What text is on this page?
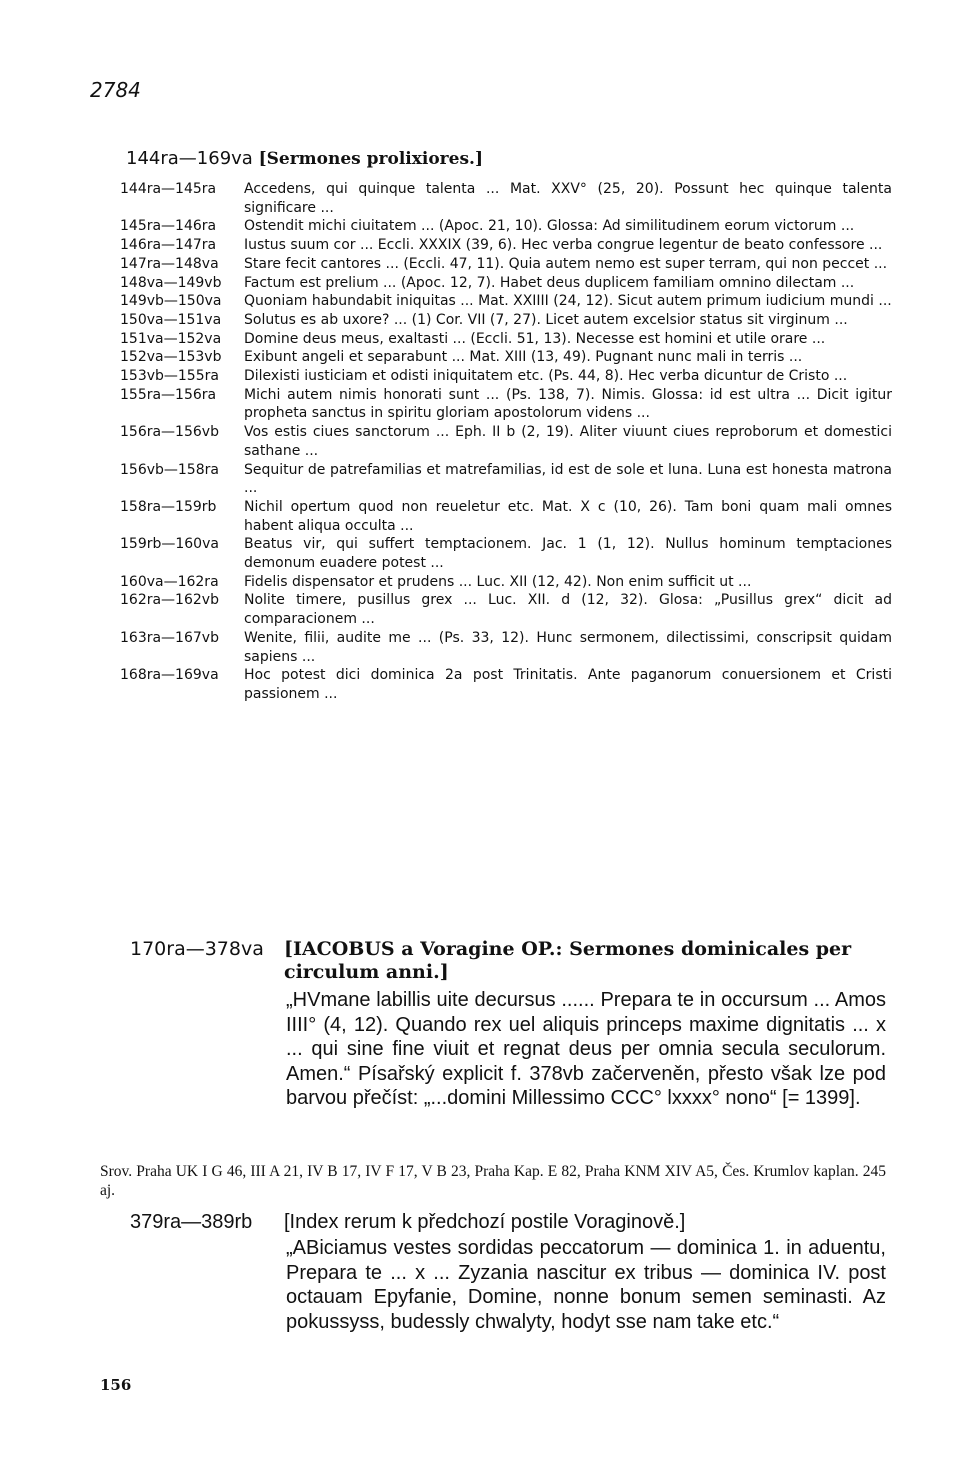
2784
144ra—169va [Sermones prolixiores.]
144ra—145ra	Accedens, qui quinque talenta ... Mat. XXV° (25, 20). Possunt hec quinque talenta significare ...
145ra—146ra	Ostendit michi ciuitatem ... (Apoc. 21, 10). Glossa: Ad similitudinem eorum victorum ...
146ra—147ra	Iustus suum cor ... Eccli. XXXIX (39, 6). Hec verba congrue legentur de beato confessore ...
147ra—148va	Stare fecit cantores ... (Eccli. 47, 11). Quia autem nemo est super terram, qui non peccet ...
148va—149vb	Factum est prelium ... (Apoc. 12, 7). Habet deus duplicem familiam omnino dilectam ...
149vb—150va	Quoniam habundabit iniquitas ... Mat. XXIIII (24, 12). Sicut autem primum iudicium mundi ...
150va—151va	Solutus es ab uxore? ... (1) Cor. VII (7, 27). Licet autem excelsior status sit virginum ...
151va—152va	Domine deus meus, exaltasti ... (Eccli. 51, 13). Necesse est homini et utile orare ...
152va—153vb	Exibunt angeli et separabunt ... Mat. XIII (13, 49). Pugnant nunc mali in terris ...
153vb—155ra	Dilexisti iusticiam et odisti iniquitatem etc. (Ps. 44, 8). Hec verba dicuntur de Cristo ...
155ra—156ra	Michi autem nimis honorati sunt ... (Ps. 138, 7). Nimis. Glossa: id est ultra ... Dicit igitur propheta sanctus in spiritu gloriam apostolorum videns ...
156ra—156vb	Vos estis ciues sanctorum ... Eph. II b (2, 19). Aliter viuunt ciues reproborum et domestici sathane ...
156vb—158ra	Sequitur de patrefamilias et matrefamilias, id est de sole et luna. Luna est honesta matrona ...
158ra—159rb	Nichil opertum quod non reueletur etc. Mat. X c (10, 26). Tam boni quam mali omnes habent aliqua occulta ...
159rb—160va	Beatus vir, qui suffert temptacionem. Jac. 1 (1, 12). Nullus hominum temptaciones demonum euadere potest ...
160va—162ra	Fidelis dispensator et prudens ... Luc. XII (12, 42). Non enim sufficit ut ...
162ra—162vb	Nolite timere, pusillus grex ... Luc. XII. d (12, 32). Glosa: „Pusillus grex“ dicit ad comparacionem ...
163ra—167vb	Wenite, filii, audite me ... (Ps. 33, 12). Hunc sermonem, dilectissimi, conscripsit quidam sapiens ...
168ra—169va	Hoc potest dici dominica 2a post Trinitatis. Ante paganorum conuersionem et Cristi passionem ...
170ra—378va	[IACOBUS a Voragine OP.: Sermones dominicales per circulum anni.]
„HVmane labillis uite decursus ...... Prepara te in occursum ... Amos IIII° (4, 12). Quando rex uel aliquis princeps maxime dignitatis ... x ... qui sine fine viuit et regnat deus per omnia secula seculorum. Amen.“ Písařský explicit f. 378vb začerveněn, přesto však lze pod barvou přečíst: „...domini Millessimo CCC° lxxxx° nono“ [= 1399].
Srov. Praha UK I G 46, III A 21, IV B 17, IV F 17, V B 23, Praha Kap. E 82, Praha KNM XIV A5, Čes. Krumlov kaplan. 245 aj.
379ra—389rb	[Index rerum k předchozí postile Voraginově.]
„ABiciamus vestes sordidas peccatorum — dominica 1. in aduentu, Prepara te ... x ... Zyzania nascitur ex tribus — dominica IV. post octauam Epyfanie, Domine, nonne bonum semen seminasti. Az pokussyss, budessly chwalyty, hodyt sse nam take etc.“
156
